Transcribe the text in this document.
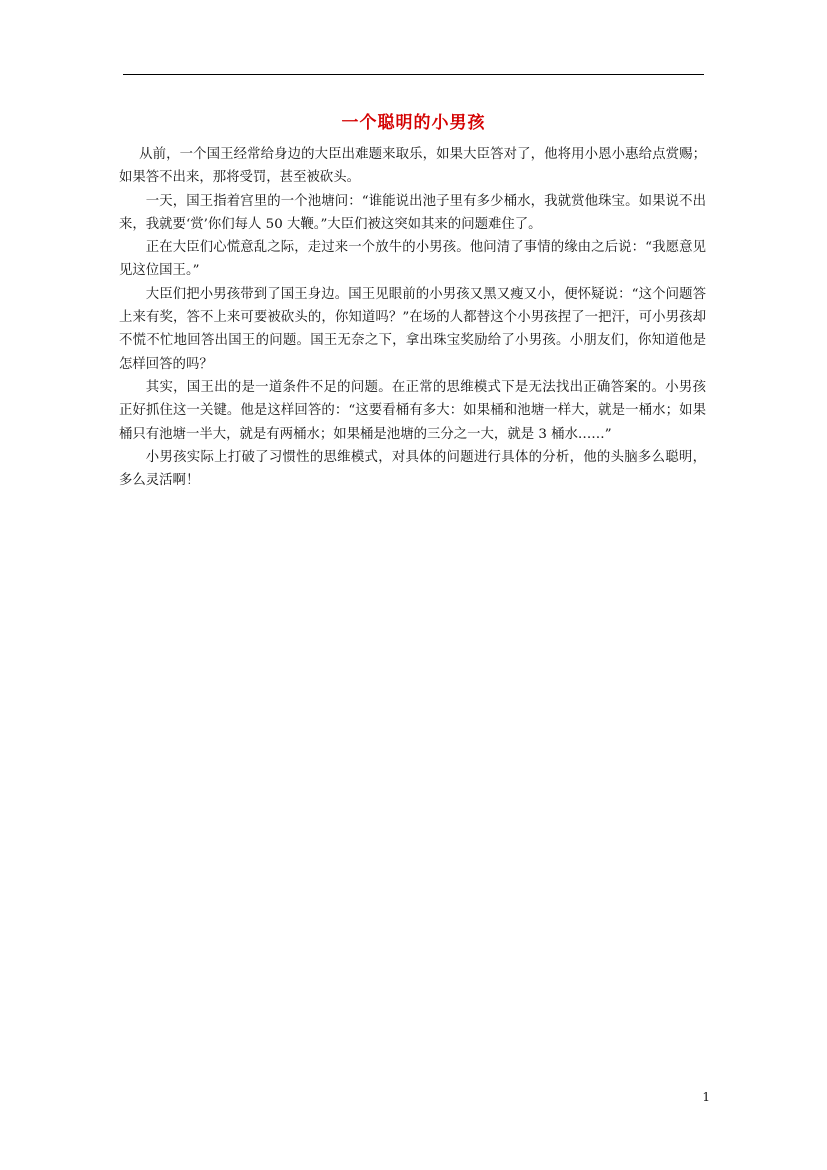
一个聪明的小男孩

从前，一个国王经常给身边的大臣出难题来取乐，如果大臣答对了，他将用小恩小惠给点赏赐；如果答不出来，那将受罚，甚至被砍头。

一天，国王指着宫里的一个池塘问：“谁能说出池子里有多少桶水，我就赏他珠宝。如果说不出来，我就要‘赏’你们每人 50 大鞭。”大臣们被这突如其来的问题难住了。

正在大臣们心慌意乱之际，走过来一个放牛的小男孩。他问清了事情的缘由之后说：“我愿意见见这位国王。”

大臣们把小男孩带到了国王身边。国王见眼前的小男孩又黑又瘦又小，便怀疑说：“这个问题答上来有奖，答不上来可要被砍头的，你知道吗？”在场的人都替这个小男孩捏了一把汗，可小男孩却不慌不忙地回答出国王的问题。国王无奈之下，拿出珠宝奖励给了小男孩。小朋友们，你知道他是怎样回答的吗？

其实，国王出的是一道条件不足的问题。在正常的思维模式下是无法找出正确答案的。小男孩正好抓住这一关键。他是这样回答的：“这要看桶有多大：如果桶和池塘一样大，就是一桶水；如果桶只有池塘一半大，就是有两桶水；如果桶是池塘的三分之一大，就是 3 桶水……”

小男孩实际上打破了习惯性的思维模式，对具体的问题进行具体的分析，他的头脑多么聪明，多么灵活啊！

1
